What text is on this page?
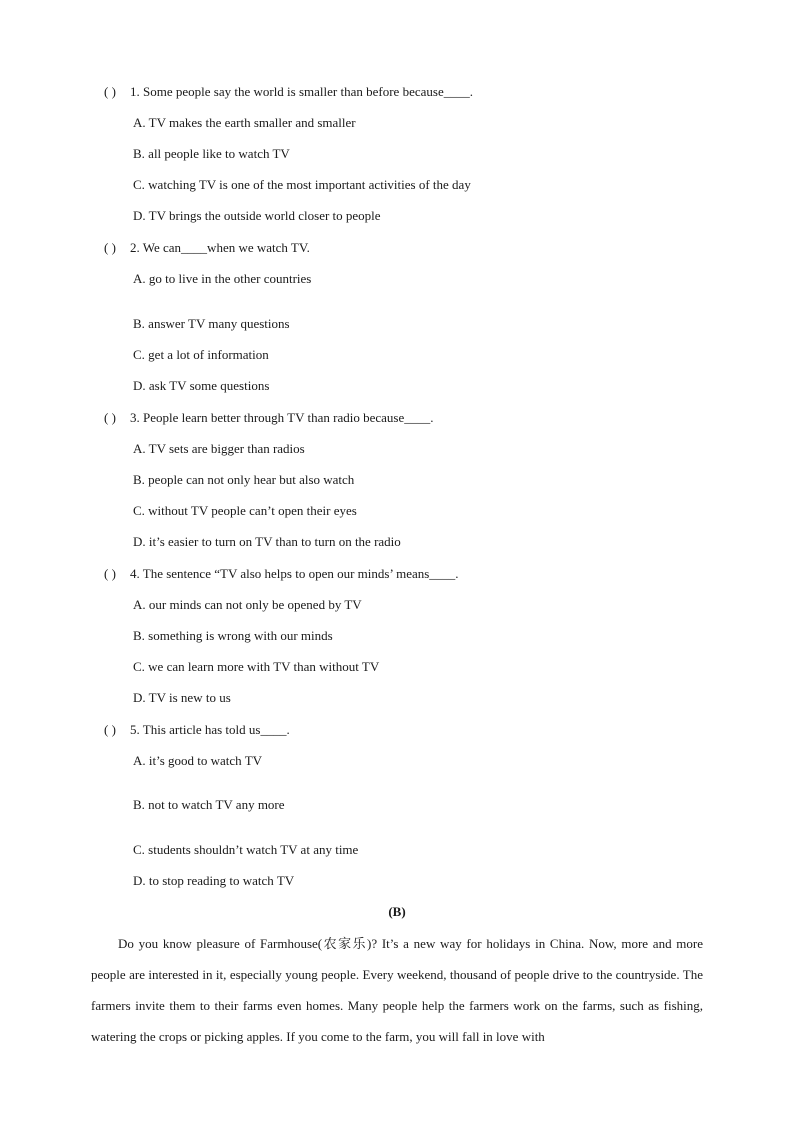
( ) 1. Some people say the world is smaller than before because____.
A. TV makes the earth smaller and smaller
B. all people like to watch TV
C. watching TV is one of the most important activities of the day
D. TV brings the outside world closer to people
( ) 2. We can____when we watch TV.
A. go to live in the other countries
B. answer TV many questions
C. get a lot of information
D. ask TV some questions
( ) 3. People learn better through TV than radio because____.
A. TV sets are bigger than radios
B. people can not only hear but also watch
C. without TV people can’t open their eyes
D. it’s easier to turn on TV than to turn on the radio
( ) 4. The sentence “TV also helps to open our minds’ means____.
A. our minds can not only be opened by TV
B. something is wrong with our minds
C. we can learn more with TV than without TV
D. TV is new to us
( ) 5. This article has told us____.
A. it’s good to watch TV
B. not to watch TV any more
C. students shouldn’t watch TV at any time
D. to stop reading to watch TV
(B)
Do you know pleasure of Farmhouse(农家乐)? It’s a new way for holidays in China. Now, more and more people are interested in it, especially young people. Every weekend, thousand of people drive to the countryside. The farmers invite them to their farms even homes. Many people help the farmers work on the farms, such as fishing, watering the crops or picking apples. If you come to the farm, you will fall in love with
